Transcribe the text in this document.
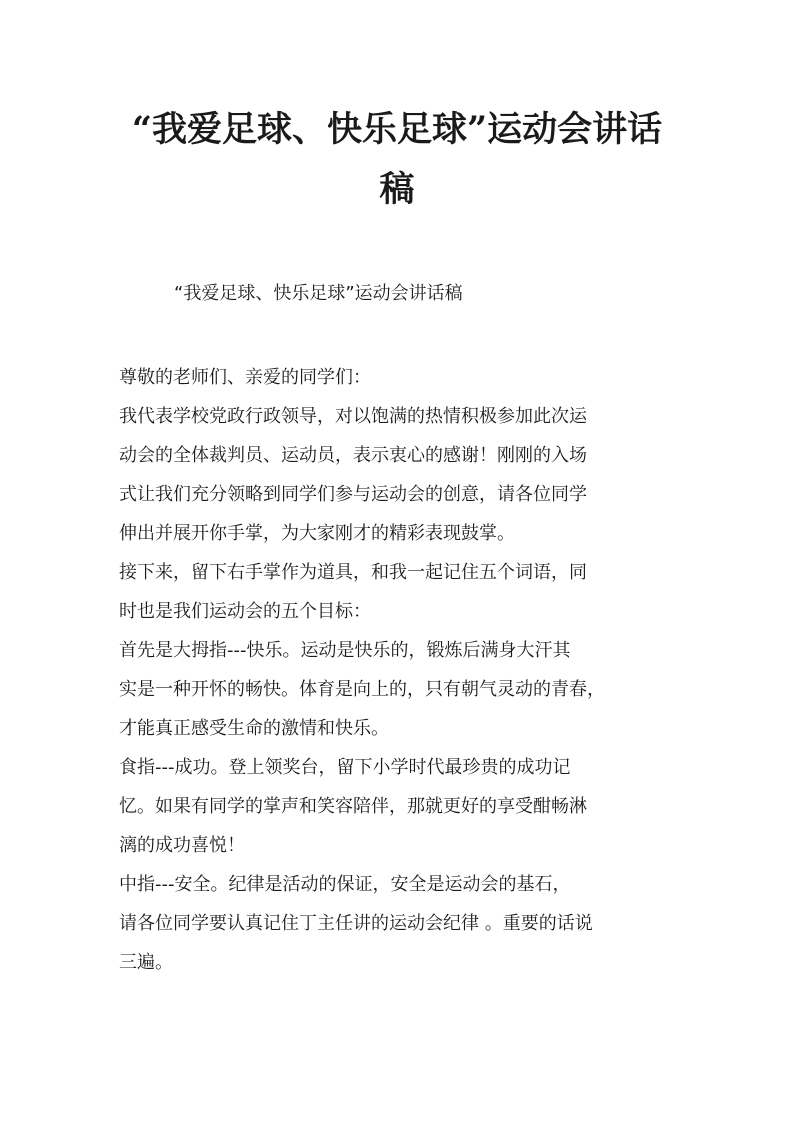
“我爱足球、快乐足球”运动会讲话
稿
“我爱足球、快乐足球”运动会讲话稿
尊敬的老师们、亲爱的同学们：
我代表学校党政行政领导，对以饱满的热情积极参加此次运
动会的全体裁判员、运动员，表示衷心的感谢！刚刚的入场
式让我们充分领略到同学们参与运动会的创意，请各位同学
伸出并展开你手掌，为大家刚才的精彩表现鼓掌。
接下来，留下右手掌作为道具，和我一起记住五个词语，同
时也是我们运动会的五个目标：
首先是大拇指---快乐。运动是快乐的，锻炼后满身大汗其
实是一种开怀的畅快。体育是向上的，只有朝气灵动的青春，
才能真正感受生命的激情和快乐。
食指---成功。登上领奖台，留下小学时代最珍贵的成功记
忆。如果有同学的掌声和笑容陪伴，那就更好的享受酣畅淋
漓的成功喜悦！
中指---安全。纪律是活动的保证，安全是运动会的基石，
请各位同学要认真记住丁主任讲的运动会纪律 。重要的话说
三遍。
